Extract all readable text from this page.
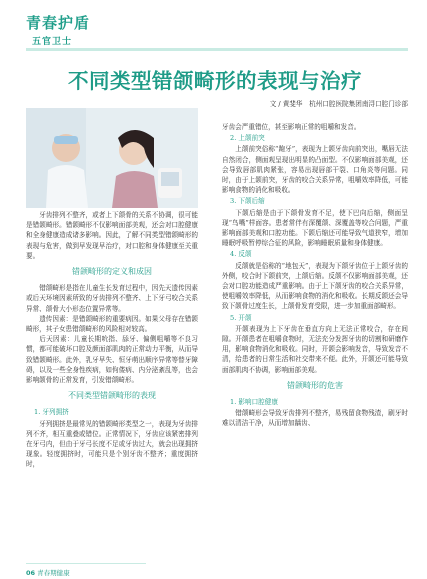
青春护盾
五官卫士
不同类型错颌畸形的表现与治疗
文 / 黄斐华　杭州口腔医院集团南浔口腔门诊部

牙齿排列不整齐，或者上下颌骨的关系不协调，很可能是错颌畸形。错颌畸形不仅影响面部美观，还会对口腔健康和全身健康造成诸多影响。因此，了解不同类型错颌畸形的表现与危害，做到早发现早治疗，对口腔和身体健康至关重要。

错颌畸形的定义和成因

错颌畸形是指在儿童生长发育过程中，因先天遗传因素或后天环境因素所致的牙齿排列不整齐、上下牙弓咬合关系异常、颌骨大小形态位置异常等。

遗传因素：是错颌畸形的重要病因。如果父母存在错颌畸形，其子女患错颌畸形的风险相对较高。

后天因素：儿童长期吮指、舔牙、偏侧咀嚼等不良习惯，都可能破坏口腔及颜面部肌肉的正常动力平衡，从而导致错颌畸形。此外，乳牙早失、恒牙萌出顺序异常等替牙障碍，以及一些全身性疾病，如佝偻病、内分泌紊乱等，也会影响颌骨的正常发育，引发错颌畸形。

不同类型错颌畸形的表现
1. 牙列拥挤

牙列拥挤是最常见的错颌畸形类型之一，表现为牙齿排列不齐，相互重叠或错位。正常情况下，牙齿应该紧密排列在牙弓内，但由于牙弓长度不足或牙齿过大，就会出现拥挤现象。轻度拥挤时，可能只是个别牙齿不整齐；重度拥挤时，

牙齿会严重错位，甚至影响正常的咀嚼和发音。

2. 上颌前突

上颌前突俗称“龅牙”，表现为上颌牙齿向前突出，嘴唇无法自然闭合，侧面观呈现出明显的凸面型。不仅影响面部美观，还会导致唇部肌肉紧张，容易出现唇部干裂、口角炎等问题。同时，由于上颌前突，牙齿的咬合关系异常，咀嚼效率降低，可能影响食物的消化和吸收。

3. 下颌后缩

下颌后缩是由于下颌骨发育不足，使下巴向后缩，侧面呈现“鸟嘴”样面容。患者常伴有深覆颌、深覆盖等咬合问题，严重影响面部美观和口腔功能。下颌后缩还可能导致气道狭窄，增加睡眠呼吸暂停综合征的风险，影响睡眠质量和身体健康。

4. 反颌

反颌就是俗称的“地包天”，表现为下颌牙齿位于上颌牙齿的外侧，咬合时下颌前突，上颌后缩。反颌不仅影响面部美观，还会对口腔功能造成严重影响。由于上下颌牙齿的咬合关系异常，使咀嚼效率降低，从而影响食物的消化和吸收。长期反颌还会导致下颌骨过度生长，上颌骨发育受限，进一步加重面部畸形。

5. 开颌

开颌表现为上下牙齿在垂直方向上无法正常咬合，存在间隙。开颌患者在咀嚼食物时，无法充分发挥牙齿的切割和研磨作用，影响食物消化和吸收。同时，开颌会影响发音，导致发音不清，给患者的日常生活和社交带来不便。此外，开颌还可能导致面部肌肉不协调，影响面部美观。

错颌畸形的危害
1. 影响口腔健康

错颌畸形会导致牙齿排列不整齐，易残留食物残渣，刷牙时难以清洁干净，从而增加龋齿、

06 青春期健康
